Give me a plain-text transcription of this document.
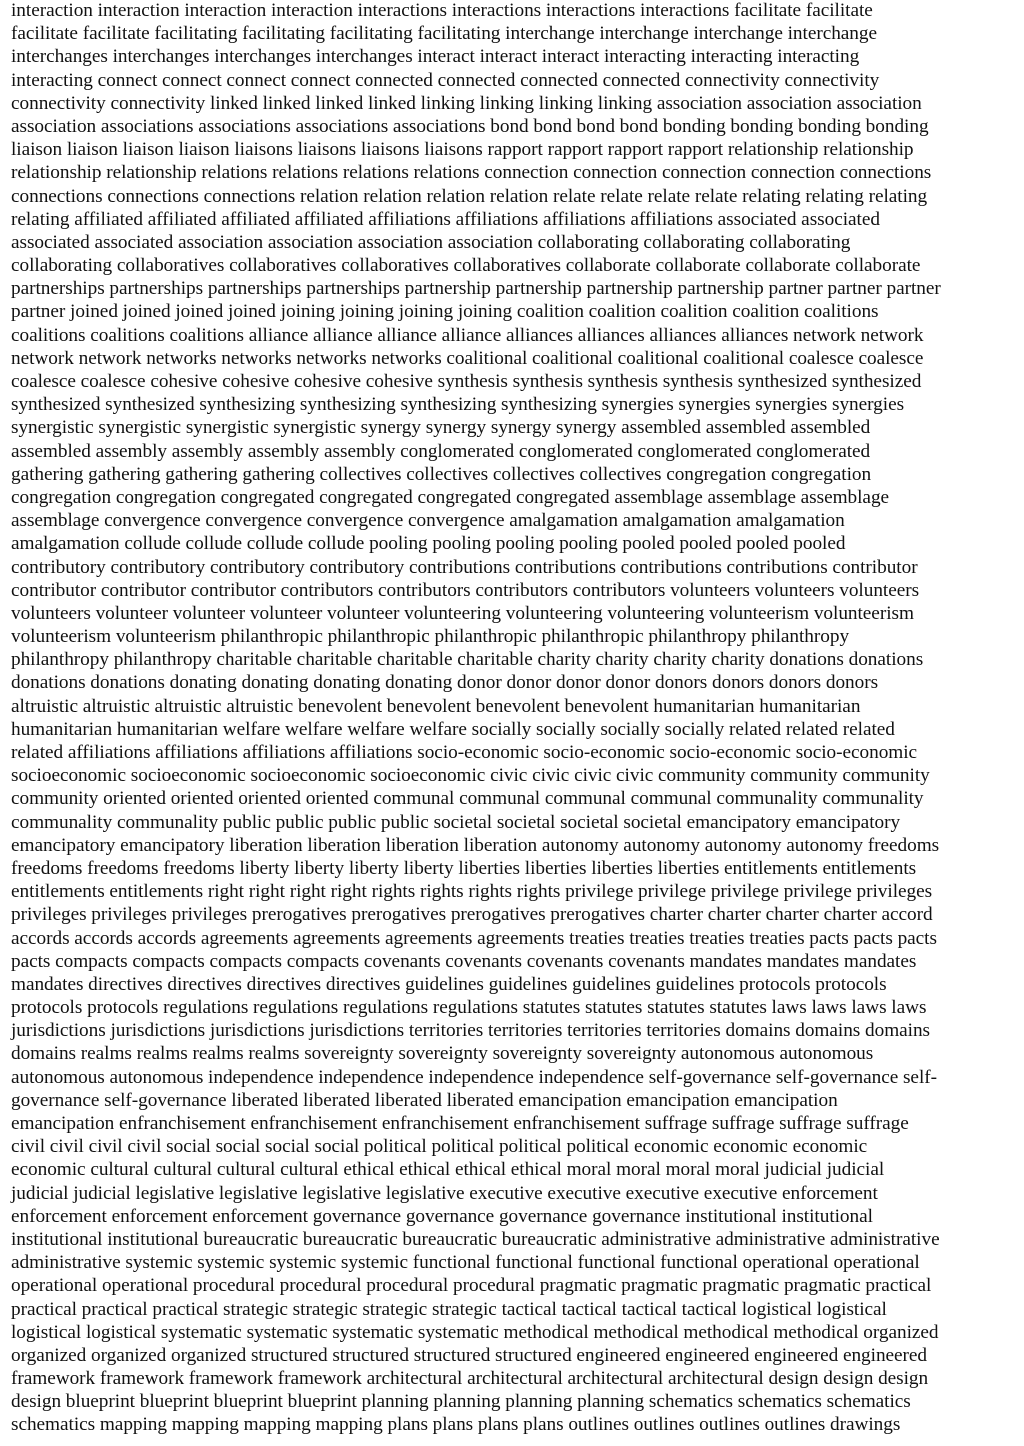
interaction interaction interaction interaction interactions interactions interactions interactions facilitate facilitate

facilitate facilitate facilitating facilitating facilitating facilitating interchange interchange interchange interchange

interchanges interchanges interchanges interchanges interact interact interact interacting interacting interacting

interacting connect connect connect connect connected connected connected connected connectivity connectivity

connectivity connectivity linked linked linked linked linking linking linking linking association association association

association associations associations associations associations bond bond bond bond bonding bonding bonding bonding

liaison liaison liaison liaison liaisons liaisons liaisons liaisons rapport rapport rapport rapport relationship relationship

relationship relationship relations relations relations relations connection connection connection connection connections

connections connections connections relation relation relation relation relate relate relate relate relating relating relating

relating affiliated affiliated affiliated affiliated affiliations affiliations affiliations affiliations associated associated

associated associated association association association association collaborating collaborating collaborating

collaborating collaboratives collaboratives collaboratives collaboratives collaborate collaborate collaborate collaborate

partnerships partnerships partnerships partnerships partnership partnership partnership partnership partner partner partner

partner joined joined joined joined joining joining joining joining coalition coalition coalition coalition coalitions

coalitions coalitions coalitions alliance alliance alliance alliance alliances alliances alliances alliances network network

network network networks networks networks networks coalitional coalitional coalitional coalitional coalesce coalesce

coalesce coalesce cohesive cohesive cohesive cohesive synthesis synthesis synthesis synthesis synthesized synthesized

synthesized synthesized synthesizing synthesizing synthesizing synthesizing synergies synergies synergies synergies

synergistic synergistic synergistic synergistic synergy synergy synergy synergy assembled assembled assembled

assembled assembly assembly assembly assembly conglomerated conglomerated conglomerated conglomerated

gathering gathering gathering gathering collectives collectives collectives collectives congregation congregation

congregation congregation congregated congregated congregated congregated assemblage assemblage assemblage

assemblage convergence convergence convergence convergence amalgamation amalgamation amalgamation

amalgamation collude collude collude collude pooling pooling pooling pooling pooled pooled pooled pooled

contributory contributory contributory contributory contributions contributions contributions contributions contributor

contributor contributor contributor contributors contributors contributors contributors volunteers volunteers volunteers

volunteers volunteer volunteer volunteer volunteer volunteering volunteering volunteering volunteerism volunteerism

volunteerism volunteerism philanthropic philanthropic philanthropic philanthropic philanthropy philanthropy

philanthropy philanthropy charitable charitable charitable charitable charity charity charity charity donations donations

donations donations donating donating donating donating donor donor donor donor donors donors donors donors

altruistic altruistic altruistic altruistic benevolent benevolent benevolent benevolent humanitarian humanitarian

humanitarian humanitarian welfare welfare welfare welfare socially socially socially socially related related related

related affiliations affiliations affiliations affiliations socio-economic socio-economic socio-economic socio-economic

socioeconomic socioeconomic socioeconomic socioeconomic civic civic civic civic community community community

community oriented oriented oriented oriented communal communal communal communal communality communality

communality communality public public public public societal societal societal societal emancipatory emancipatory

emancipatory emancipatory liberation liberation liberation liberation autonomy autonomy autonomy autonomy freedoms

freedoms freedoms freedoms liberty liberty liberty liberty liberties liberties liberties liberties entitlements entitlements

entitlements entitlements right right right right rights rights rights rights privilege privilege privilege privilege privileges

privileges privileges privileges prerogatives prerogatives prerogatives prerogatives charter charter charter charter accord

accords accords accords agreements agreements agreements agreements treaties treaties treaties treaties pacts pacts pacts

pacts compacts compacts compacts compacts covenants covenants covenants covenants mandates mandates mandates

mandates directives directives directives directives guidelines guidelines guidelines guidelines protocols protocols

protocols protocols regulations regulations regulations regulations statutes statutes statutes statutes laws laws laws laws

jurisdictions jurisdictions jurisdictions jurisdictions territories territories territories territories domains domains domains

domains realms realms realms realms sovereignty sovereignty sovereignty sovereignty autonomous autonomous

autonomous autonomous independence independence independence independence self-governance self-governance self-

governance self-governance liberated liberated liberated liberated emancipation emancipation emancipation

emancipation enfranchisement enfranchisement enfranchisement enfranchisement suffrage suffrage suffrage suffrage

civil civil civil civil social social social social political political political political economic economic economic

economic cultural cultural cultural cultural ethical ethical ethical ethical moral moral moral moral judicial judicial

judicial judicial legislative legislative legislative legislative executive executive executive executive enforcement

enforcement enforcement enforcement governance governance governance governance institutional institutional

institutional institutional bureaucratic bureaucratic bureaucratic bureaucratic administrative administrative administrative

administrative systemic systemic systemic systemic functional functional functional functional operational operational

operational operational procedural procedural procedural procedural pragmatic pragmatic pragmatic pragmatic practical

practical practical practical strategic strategic strategic strategic tactical tactical tactical tactical logistical logistical

logistical logistical systematic systematic systematic systematic methodical methodical methodical methodical organized

organized organized organized structured structured structured structured engineered engineered engineered engineered

framework framework framework framework architectural architectural architectural architectural design design design

design blueprint blueprint blueprint blueprint planning planning planning planning schematics schematics schematics

schematics mapping mapping mapping mapping plans plans plans plans outlines outlines outlines outlines drawings
